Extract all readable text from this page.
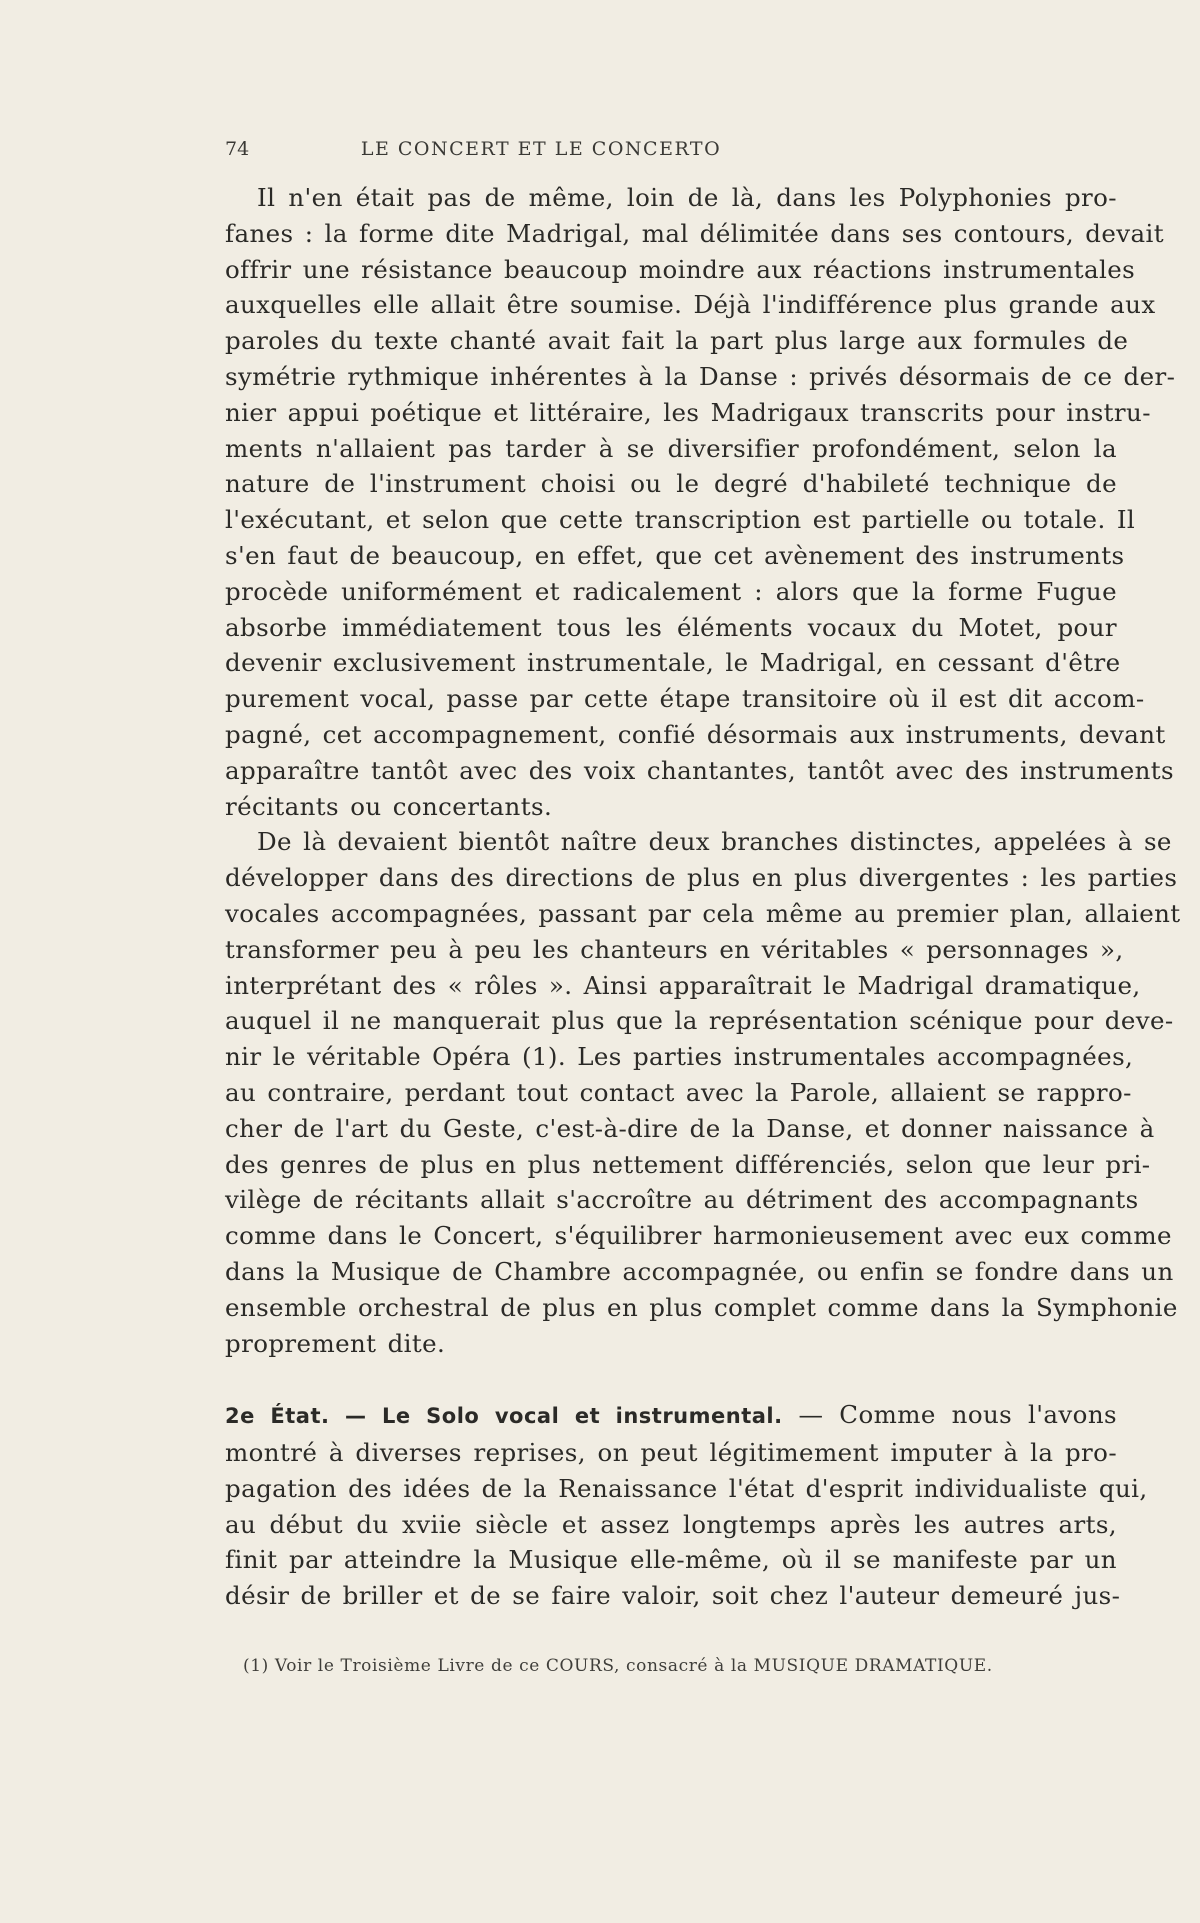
74	LE CONCERT ET LE CONCERTO
Il n'en était pas de même, loin de là, dans les Polyphonies pro-
fanes : la forme dite Madrigal, mal délimitée dans ses contours, devait
offrir une résistance beaucoup moindre aux réactions instrumentales
auxquelles elle allait être soumise. Déjà l'indifférence plus grande aux
paroles du texte chanté avait fait la part plus large aux formules de
symétrie rythmique inhérentes à la Danse : privés désormais de ce der-
nier appui poétique et littéraire, les Madrigaux transcrits pour instru-
ments n'allaient pas tarder à se diversifier profondément, selon la
nature de l'instrument choisi ou le degré d'habileté technique de
l'exécutant, et selon que cette transcription est partielle ou totale. Il
s'en faut de beaucoup, en effet, que cet avènement des instruments
procède uniformément et radicalement : alors que la forme Fugue
absorbe immédiatement tous les éléments vocaux du Motet, pour
devenir exclusivement instrumentale, le Madrigal, en cessant d'être
purement vocal, passe par cette étape transitoire où il est dit accom-
pagné, cet accompagnement, confié désormais aux instruments, devant
apparaître tantôt avec des voix chantantes, tantôt avec des instruments
récitants ou concertants.
De là devaient bientôt naître deux branches distinctes, appelées à se
développer dans des directions de plus en plus divergentes : les parties
vocales accompagnées, passant par cela même au premier plan, allaient
transformer peu à peu les chanteurs en véritables « personnages »,
interprétant des « rôles ». Ainsi apparaîtrait le Madrigal dramatique,
auquel il ne manquerait plus que la représentation scénique pour deve-
nir le véritable Opéra (1). Les parties instrumentales accompagnées,
au contraire, perdant tout contact avec la Parole, allaient se rappro-
cher de l'art du Geste, c'est-à-dire de la Danse, et donner naissance à
des genres de plus en plus nettement différenciés, selon que leur pri-
vilège de récitants allait s'accroître au détriment des accompagnants
comme dans le Concert, s'équilibrer harmonieusement avec eux comme
dans la Musique de Chambre accompagnée, ou enfin se fondre dans un
ensemble orchestral de plus en plus complet comme dans la Symphonie
proprement dite.
2e État. — Le Solo vocal et instrumental. — Comme nous l'avons
montré à diverses reprises, on peut légitimement imputer à la pro-
pagation des idées de la Renaissance l'état d'esprit individualiste qui,
au début du xviie siècle et assez longtemps après les autres arts,
finit par atteindre la Musique elle-même, où il se manifeste par un
désir de briller et de se faire valoir, soit chez l'auteur demeuré jus-
(1) Voir le Troisième Livre de ce COURS, consacré à la MUSIQUE DRAMATIQUE.
